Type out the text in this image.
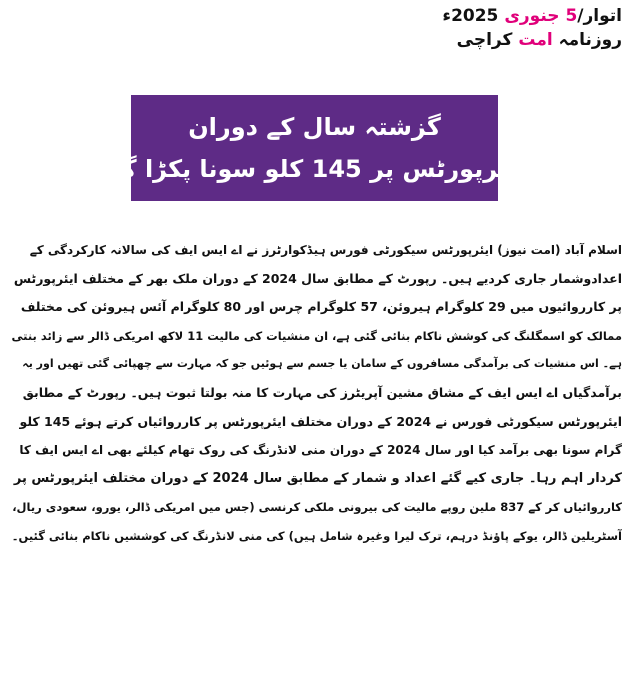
اتوار/5 جنوری 2025ء
روزنامہ امت کراچی
گزشتہ سال کے دوران
ایئرپورٹس پر 145 کلو سونا پکڑا گیا
اسلام آباد (امت نیوز) ایئرپورٹس سیکورٹی فورس ہیڈکوارٹرز نے اے ایس ایف کی سالانہ کارکردگی کے
اعدادوشمار جاری کردیے ہیں۔ رپورٹ کے مطابق سال 2024 کے دوران ملک بھر کے مختلف ایئرپورٹس
پر کارروائیوں میں 29 کلوگرام ہیروئن، 57 کلوگرام چرس اور 80 کلوگرام آئس ہیروئن کی مختلف
ممالک کو اسمگلنگ کی کوشش ناکام بنائی گئی ہے، ان منشیات کی مالیت 11 لاکھ امریکی ڈالر سے زائد بنتی
ہے۔ اس منشیات کی برآمدگی مسافروں کے سامان یا جسم سے ہوئیں جو کہ مہارت سے چھپائی گئی تھیں اور یہ
برآمدگیاں اے ایس ایف کے مشاق مشین آپریٹرز کی مہارت کا منہ بولتا ثبوت ہیں۔ رپورٹ کے مطابق
ایئرپورٹس سیکورٹی فورس نے 2024 کے دوران مختلف ایئرپورٹس پر کارروائیاں کرتے ہوئے 145 کلو
گرام سونا بھی برآمد کیا اور سال 2024 کے دوران منی لانڈرنگ کی روک تھام کیلئے بھی اے ایس ایف کا
کردار اہم رہا۔ جاری کیے گئے اعداد و شمار کے مطابق سال 2024 کے دوران مختلف ایئرپورٹس پر
کارروائیاں کر کے 837 ملین روپے مالیت کی بیرونی ملکی کرنسی (جس میں امریکی ڈالر، یورو، سعودی ریال،
آسٹریلین ڈالر، یوکے پاؤنڈ درہم، ترک لیرا وغیرہ شامل ہیں) کی منی لانڈرنگ کی کوششیں ناکام بنائی گئیں۔
